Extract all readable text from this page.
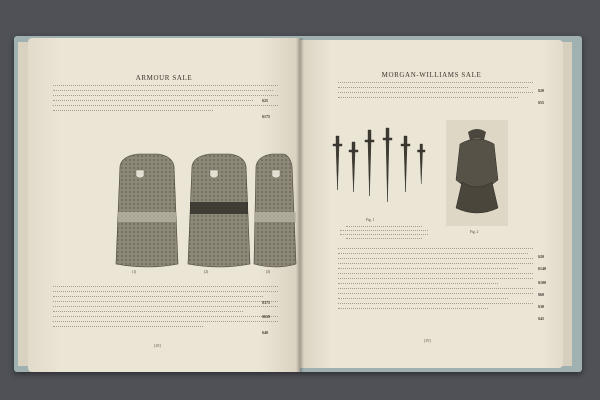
ARMOUR SALE
$25
$175
(1)	(2)	(3)
$375
$650
$40
[28]
MORGAN-WILLIAMS SALE
$20
$55
Fig. 1
Fig. 2
$20
$140
$100
$60
$30
$45
[29]
